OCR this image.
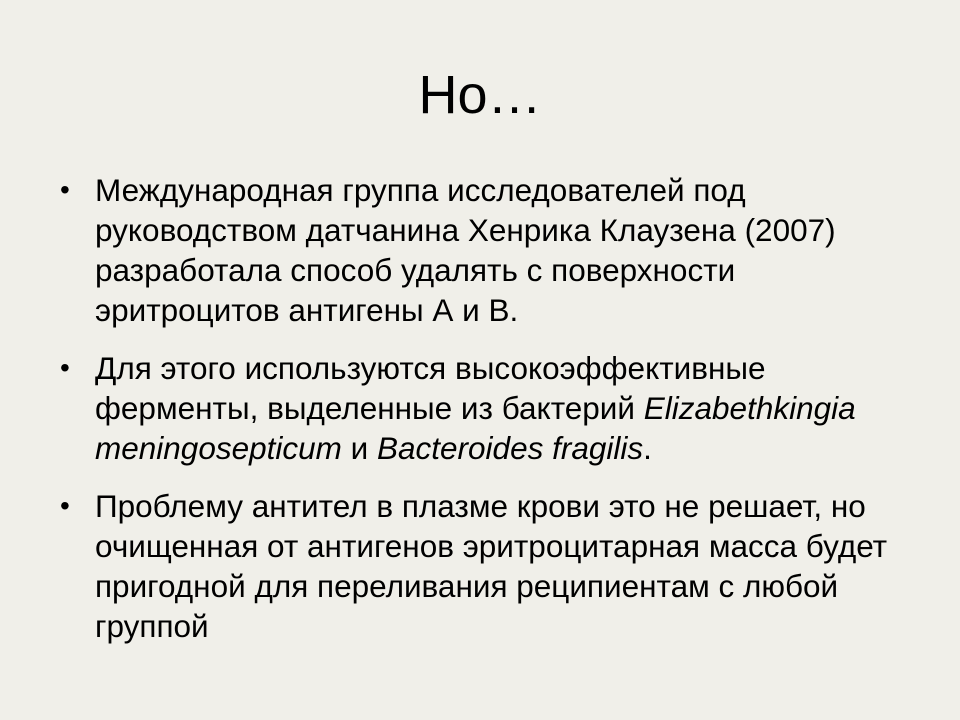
Но…
• Международная группа исследователей под руководством датчанина Хенрика Клаузена (2007) разработала способ удалять с поверхности эритроцитов антигены А и В.
• Для этого используются высокоэффективные ферменты, выделенные из бактерий Elizabethkingia meningosepticum и Bacteroides fragilis.
• Проблему антител в плазме крови это не решает, но очищенная от антигенов эритроцитарная масса будет пригодной для переливания реципиентам с любой группой
